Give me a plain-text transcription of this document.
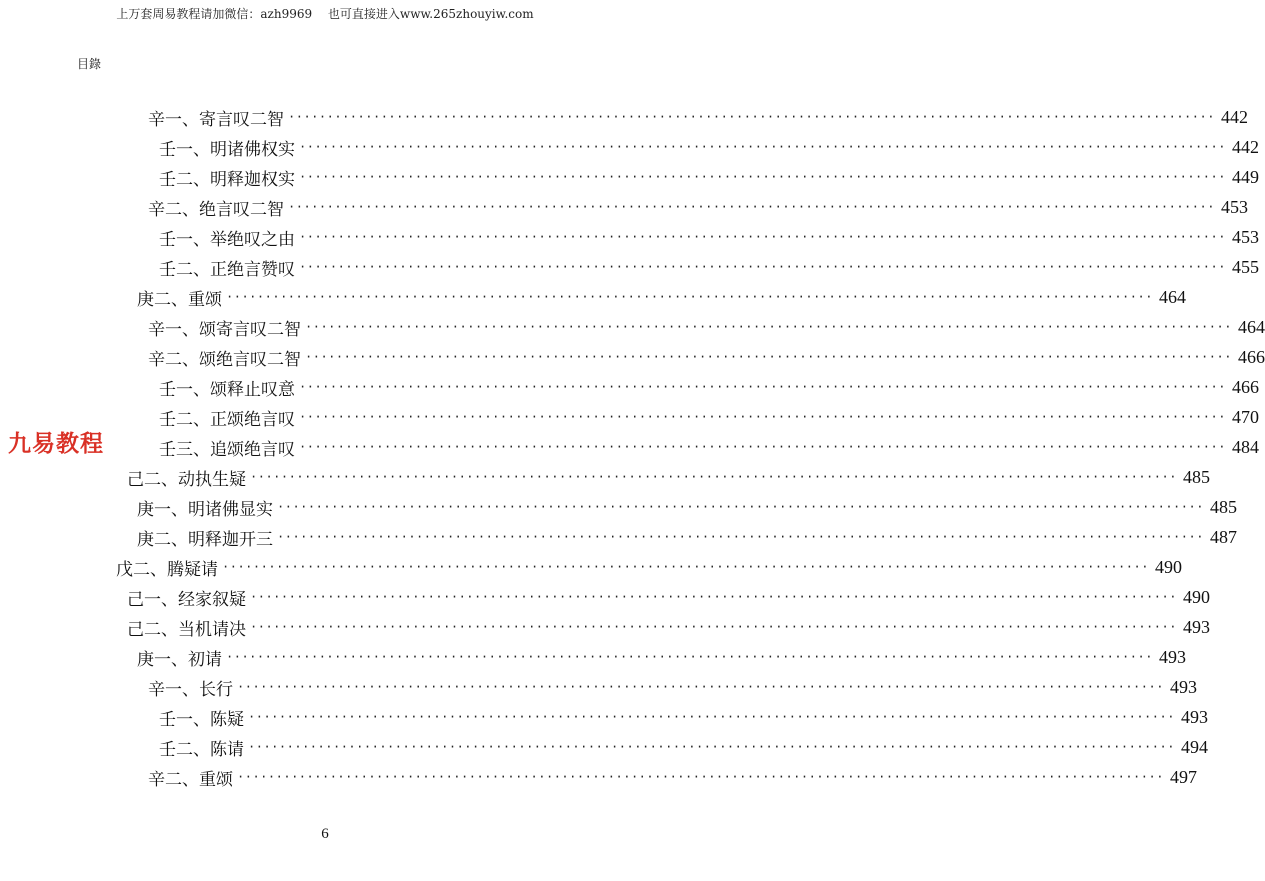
上万套周易教程请加微信：azh9969　 也可直接进入www.265zhouyiw.com
目錄
九易教程
辛一、寄言叹二智 ························································································································ 442
壬一、明诸佛权实 ························································································································ 442
壬二、明释迦权实 ························································································································ 449
辛二、绝言叹二智 ························································································································ 453
壬一、举绝叹之由 ························································································································ 453
壬二、正绝言赞叹 ························································································································ 455
庚二、重颂 ························································································································ 464
辛一、颂寄言叹二智 ························································································································ 464
辛二、颂绝言叹二智 ························································································································ 466
壬一、颂释止叹意 ························································································································ 466
壬二、正颂绝言叹 ························································································································ 470
壬三、追颂绝言叹 ························································································································ 484
己二、动执生疑 ························································································································ 485
庚一、明诸佛显实 ························································································································ 485
庚二、明释迦开三 ························································································································ 487
戊二、腾疑请 ························································································································ 490
己一、经家叙疑 ························································································································ 490
己二、当机请决 ························································································································ 493
庚一、初请 ························································································································ 493
辛一、长行 ························································································································ 493
壬一、陈疑 ························································································································ 493
壬二、陈请 ························································································································ 494
辛二、重颂 ························································································································ 497
6
